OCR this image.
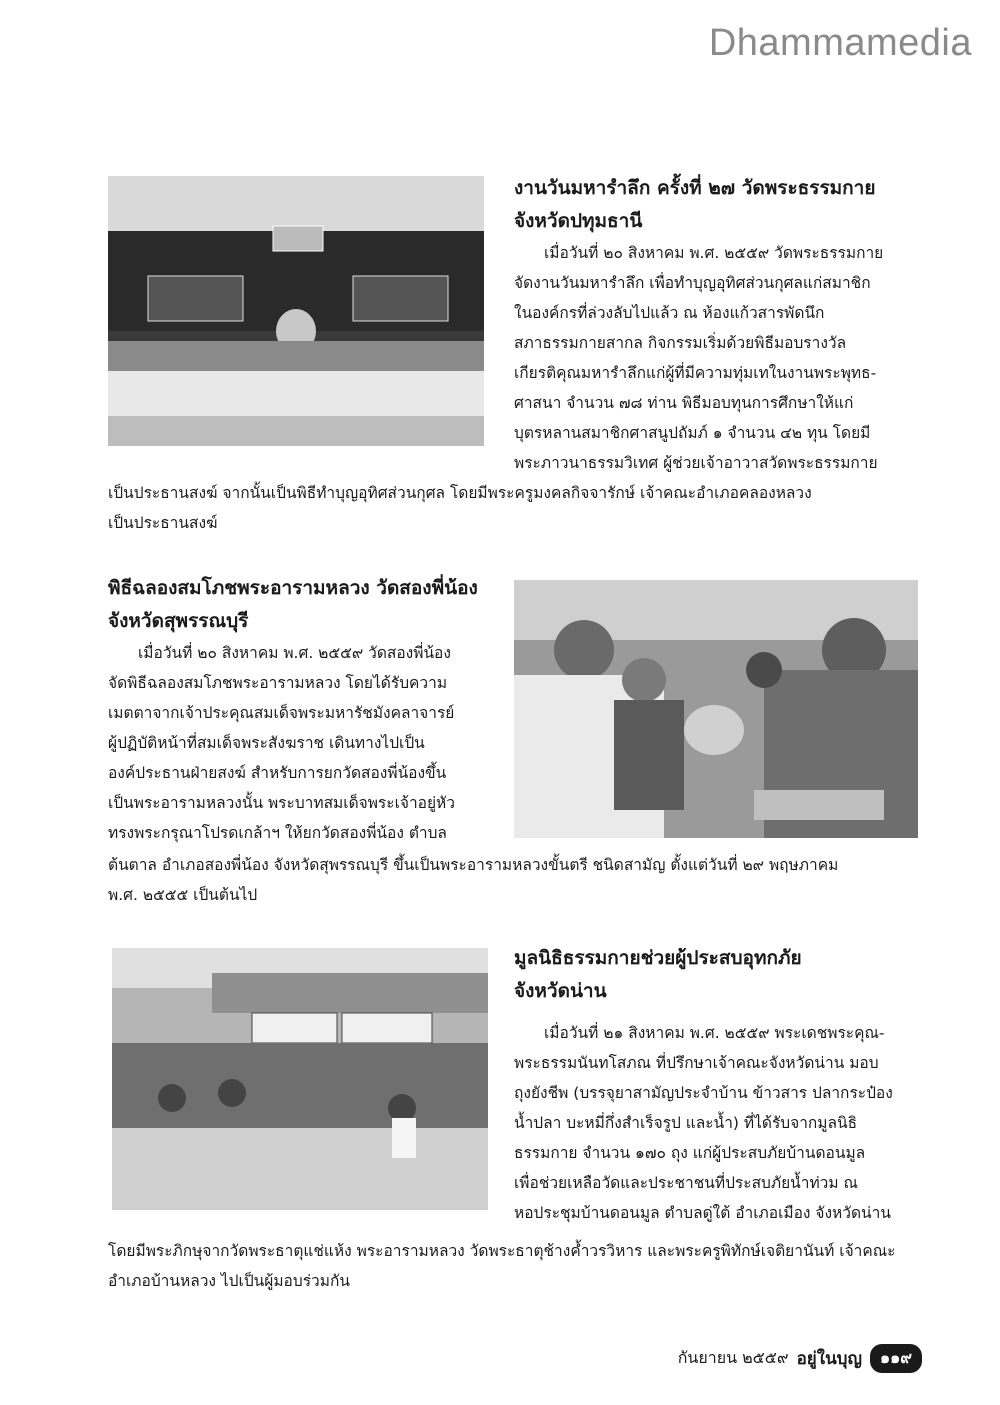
Dhammamedia

งานวันมหารำลึก ครั้งที่ ๒๗ วัดพระธรรมกาย

จังหวัดปทุมธานี

เมื่อวันที่ ๒๐ สิงหาคม พ.ศ. ๒๕๕๙ วัดพระธรรมกาย

จัดงานวันมหารำลึก เพื่อทำบุญอุทิศส่วนกุศลแก่สมาชิก

ในองค์กรที่ล่วงลับไปแล้ว ณ ห้องแก้วสารพัดนึก

สภาธรรมกายสากล กิจกรรมเริ่มด้วยพิธีมอบรางวัล

เกียรติคุณมหารำลึกแก่ผู้ที่มีความทุ่มเทในงานพระพุทธ-

ศาสนา จำนวน ๗๘ ท่าน พิธีมอบทุนการศึกษาให้แก่

บุตรหลานสมาชิกศาสนูปถัมภ์ ๑ จำนวน ๔๒ ทุน โดยมี

พระภาวนาธรรมวิเทศ ผู้ช่วยเจ้าอาวาสวัดพระธรรมกาย

เป็นประธานสงฆ์ จากนั้นเป็นพิธีทำบุญอุทิศส่วนกุศล โดยมีพระครูมงคลกิจจารักษ์ เจ้าคณะอำเภอคลองหลวง

เป็นประธานสงฆ์

พิธีฉลองสมโภชพระอารามหลวง วัดสองพี่น้อง

จังหวัดสุพรรณบุรี

เมื่อวันที่ ๒๐ สิงหาคม พ.ศ. ๒๕๕๙ วัดสองพี่น้อง

จัดพิธีฉลองสมโภชพระอารามหลวง โดยได้รับความ

เมตตาจากเจ้าประคุณสมเด็จพระมหารัชมังคลาจารย์

ผู้ปฏิบัติหน้าที่สมเด็จพระสังฆราช เดินทางไปเป็น

องค์ประธานฝ่ายสงฆ์ สำหรับการยกวัดสองพี่น้องขึ้น

เป็นพระอารามหลวงนั้น พระบาทสมเด็จพระเจ้าอยู่หัว

ทรงพระกรุณาโปรดเกล้าฯ ให้ยกวัดสองพี่น้อง ตำบล

ต้นตาล อำเภอสองพี่น้อง จังหวัดสุพรรณบุรี ขึ้นเป็นพระอารามหลวงขั้นตรี ชนิดสามัญ ตั้งแต่วันที่ ๒๙ พฤษภาคม

พ.ศ. ๒๕๕๕ เป็นต้นไป

มูลนิธิธรรมกายช่วยผู้ประสบอุทกภัย

จังหวัดน่าน

เมื่อวันที่ ๒๑ สิงหาคม พ.ศ. ๒๕๕๙ พระเดชพระคุณ-

พระธรรมนันทโสภณ ที่ปรึกษาเจ้าคณะจังหวัดน่าน มอบ

ถุงยังชีพ (บรรจุยาสามัญประจำบ้าน ข้าวสาร ปลากระป๋อง

น้ำปลา บะหมี่กึ่งสำเร็จรูป และน้ำ) ที่ได้รับจากมูลนิธิ

ธรรมกาย จำนวน ๑๗๐ ถุง แก่ผู้ประสบภัยบ้านดอนมูล

เพื่อช่วยเหลือวัดและประชาชนที่ประสบภัยน้ำท่วม ณ

หอประชุมบ้านดอนมูล ตำบลดู่ใต้ อำเภอเมือง จังหวัดน่าน

โดยมีพระภิกษุจากวัดพระธาตุแช่แห้ง พระอารามหลวง วัดพระธาตุช้างค้ำวรวิหาร และพระครูพิทักษ์เจติยานันท์ เจ้าคณะ

อำเภอบ้านหลวง ไปเป็นผู้มอบร่วมกัน

กันยายน ๒๕๕๙ อยู่ในบุญ	๑๑๙
